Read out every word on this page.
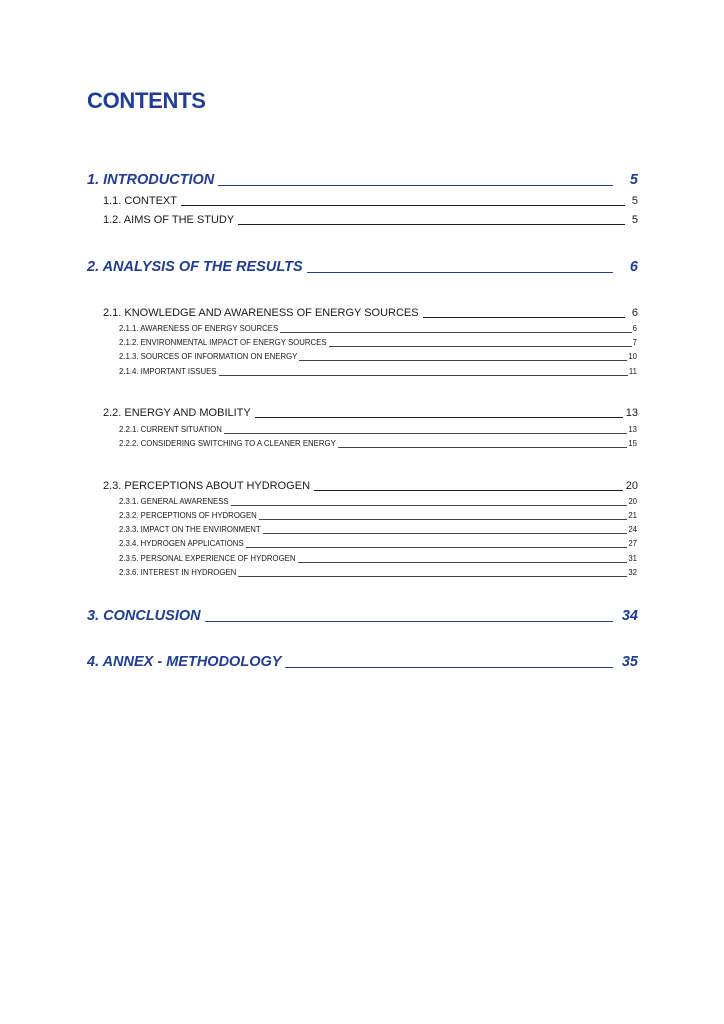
CONTENTS
1. INTRODUCTION	5
1.1. CONTEXT	5
1.2. AIMS OF THE STUDY	5
2. ANALYSIS OF THE RESULTS	6
2.1. KNOWLEDGE AND AWARENESS OF ENERGY SOURCES	6
2.1.1. AWARENESS OF ENERGY SOURCES	6
2.1.2. ENVIRONMENTAL IMPACT OF ENERGY SOURCES	7
2.1.3. SOURCES OF INFORMATION ON ENERGY	10
2.1.4. IMPORTANT ISSUES	11
2.2. ENERGY AND MOBILITY	13
2.2.1. CURRENT SITUATION	13
2.2.2. CONSIDERING SWITCHING TO A CLEANER ENERGY	15
2.3. PERCEPTIONS ABOUT HYDROGEN	20
2.3.1. GENERAL AWARENESS	20
2.3.2. PERCEPTIONS OF HYDROGEN	21
2.3.3. IMPACT ON THE ENVIRONMENT	24
2.3.4. HYDROGEN APPLICATIONS	27
2.3.5. PERSONAL EXPERIENCE OF HYDROGEN	31
2.3.6. INTEREST IN HYDROGEN	32
3. CONCLUSION	34
4. ANNEX - METHODOLOGY	35
